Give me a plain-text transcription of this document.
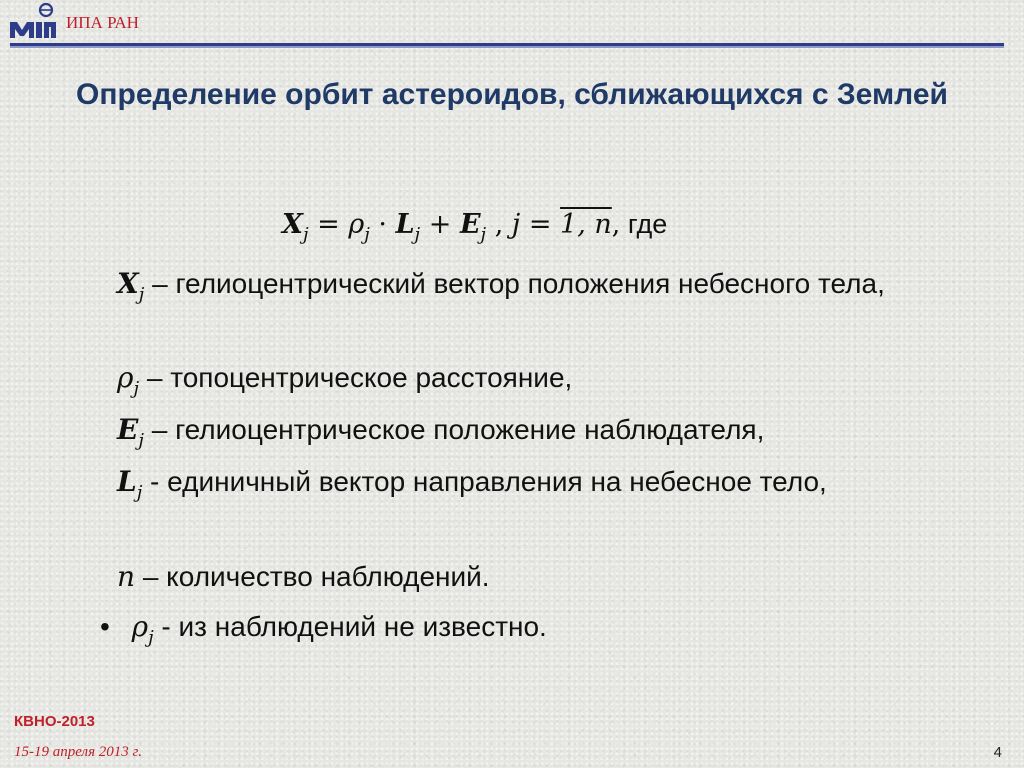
ИПА РАН
Определение орбит астероидов, сближающихся с Землей
$X_j = \rho_j \cdot L_j + E_j$ , j = 1, n, где
$X_j$ – гелиоцентрический вектор положения небесного тела,
$\rho_j$ – топоцентрическое расстояние,
$E_j$ – гелиоцентрическое положение наблюдателя,
$L_j$ - единичный вектор направления на небесное тело,
n – количество наблюдений.
• $\rho_j$ - из наблюдений не известно.
КВНО-2013
15-19 апреля 2013 г.	4
